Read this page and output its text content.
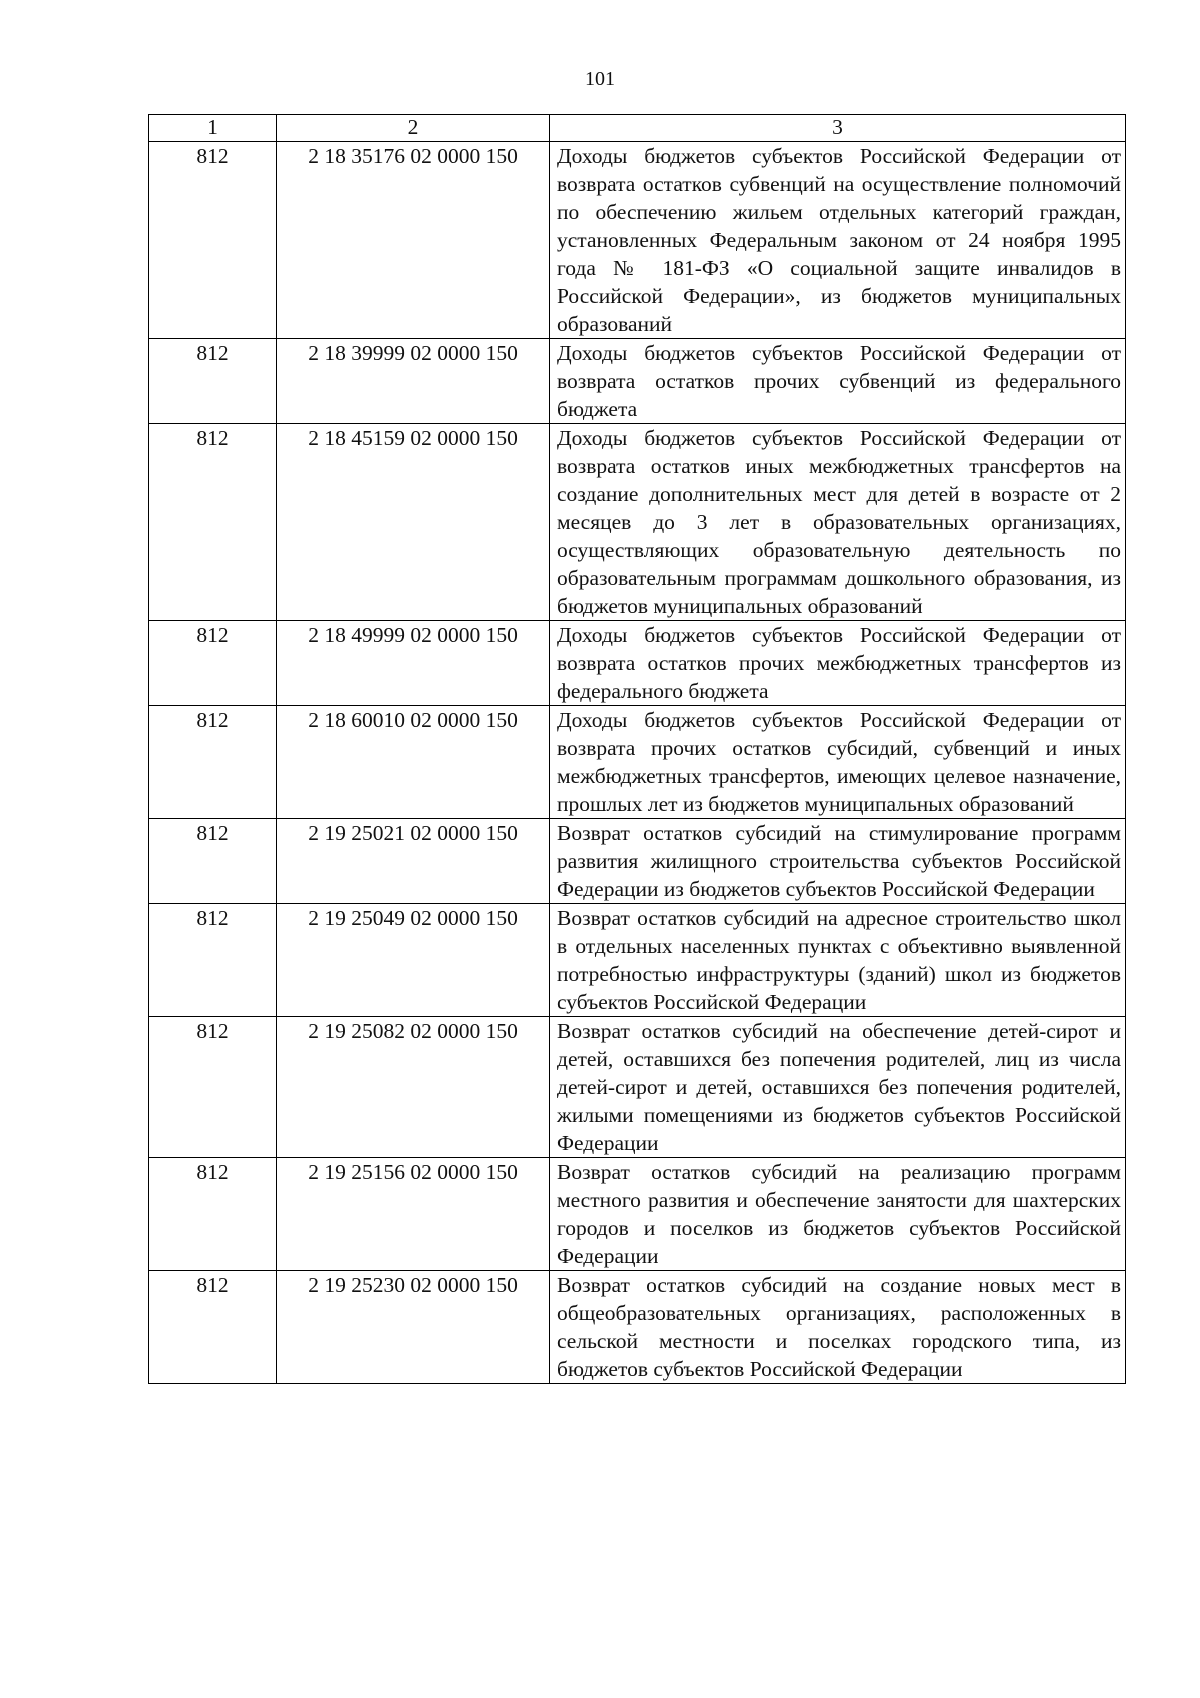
101
1	2	3
812	2 18 35176 02 0000 150	Доходы бюджетов субъектов Российской Федерации от возврата остатков субвенций на осуществление полномочий по обеспечению жильем отдельных категорий граждан, установленных Федеральным законом от 24 ноября 1995 года № 181-ФЗ «О социальной защите инвалидов в Российской Федерации», из бюджетов муниципальных образований

812	2 18 39999 02 0000 150	Доходы бюджетов субъектов Российской Федерации от возврата остатков прочих субвенций из федерального бюджета

812	2 18 45159 02 0000 150	Доходы бюджетов субъектов Российской Федерации от возврата остатков иных межбюджетных трансфертов на создание дополнительных мест для детей в возрасте от 2 месяцев до 3 лет в образовательных организациях, осуществляющих образовательную деятельность по образовательным программам дошкольного образования, из бюджетов муниципальных образований

812	2 18 49999 02 0000 150	Доходы бюджетов субъектов Российской Федерации от возврата остатков прочих межбюджетных трансфертов из федерального бюджета

812	2 18 60010 02 0000 150	Доходы бюджетов субъектов Российской Федерации от возврата прочих остатков субсидий, субвенций и иных межбюджетных трансфертов, имеющих целевое назначение, прошлых лет из бюджетов муниципальных образований

812	2 19 25021 02 0000 150	Возврат остатков субсидий на стимулирование программ развития жилищного строительства субъектов Российской Федерации из бюджетов субъектов Российской Федерации

812	2 19 25049 02 0000 150	Возврат остатков субсидий на адресное строительство школ в отдельных населенных пунктах с объективно выявленной потребностью инфраструктуры (зданий) школ из бюджетов субъектов Российской Федерации

812	2 19 25082 02 0000 150	Возврат остатков субсидий на обеспечение детей-сирот и детей, оставшихся без попечения родителей, лиц из числа детей-сирот и детей, оставшихся без попечения родителей, жилыми помещениями из бюджетов субъектов Российской Федерации

812	2 19 25156 02 0000 150	Возврат остатков субсидий на реализацию программ местного развития и обеспечение занятости для шахтерских городов и поселков из бюджетов субъектов Российской Федерации

812	2 19 25230 02 0000 150	Возврат остатков субсидий на создание новых мест в общеобразовательных организациях, расположенных в сельской местности и поселках городского типа, из бюджетов субъектов Российской Федерации
